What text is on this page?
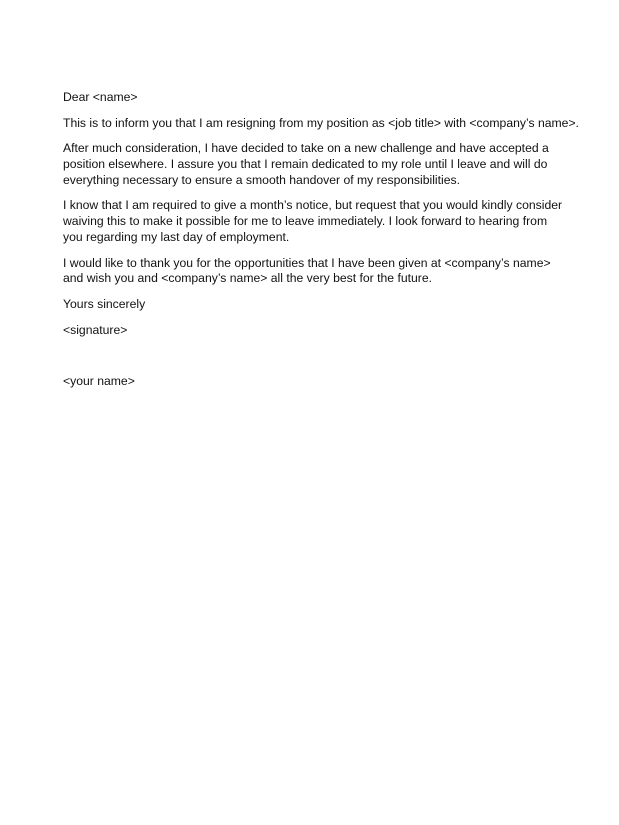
Dear <name>

This is to inform you that I am resigning from my position as <job title> with <company’s name>.

After much consideration, I have decided to take on a new challenge and have accepted a position elsewhere. I assure you that I remain dedicated to my role until I leave and will do everything necessary to ensure a smooth handover of my responsibilities.

I know that I am required to give a month’s notice, but request that you would kindly consider waiving this to make it possible for me to leave immediately. I look forward to hearing from you regarding my last day of employment.

I would like to thank you for the opportunities that I have been given at <company’s name> and wish you and <company’s name> all the very best for the future.

Yours sincerely

<signature>

<your name>
